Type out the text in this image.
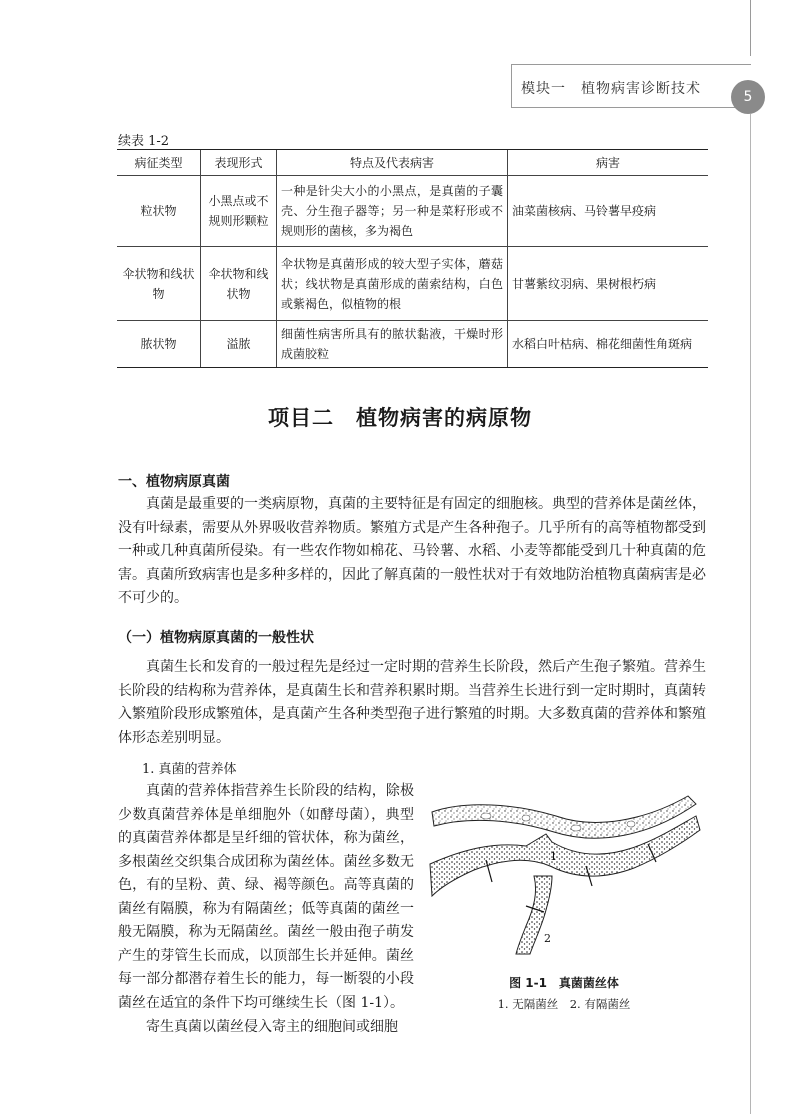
模块一　植物病害诊断技术	5
续表 1-2
病征类型	表现形式	特点及代表病害	病害
粒状物	小黑点或不规则形颗粒	一种是针尖大小的小黑点，是真菌的子囊壳、分生孢子器等；另一种是菜籽形或不规则形的菌核，多为褐色	油菜菌核病、马铃薯早疫病
伞状物和线状物	伞状物和线状物	伞状物是真菌形成的较大型子实体，蘑菇状；线状物是真菌形成的菌索结构，白色或紫褐色，似植物的根	甘薯紫纹羽病、果树根朽病
脓状物	溢脓	细菌性病害所具有的脓状黏液，干燥时形成菌胶粒	水稻白叶枯病、棉花细菌性角斑病
项目二　植物病害的病原物
一、植物病原真菌

真菌是最重要的一类病原物，真菌的主要特征是有固定的细胞核。典型的营养体是菌丝体，没有叶绿素，需要从外界吸收营养物质。繁殖方式是产生各种孢子。几乎所有的高等植物都受到一种或几种真菌所侵染。有一些农作物如棉花、马铃薯、水稻、小麦等都能受到几十种真菌的危害。真菌所致病害也是多种多样的，因此了解真菌的一般性状对于有效地防治植物真菌病害是必不可少的。

（一）植物病原真菌的一般性状

真菌生长和发育的一般过程先是经过一定时期的营养生长阶段，然后产生孢子繁殖。营养生长阶段的结构称为营养体，是真菌生长和营养积累时期。当营养生长进行到一定时期时，真菌转入繁殖阶段形成繁殖体，是真菌产生各种类型孢子进行繁殖的时期。大多数真菌的营养体和繁殖体形态差别明显。

1. 真菌的营养体

真菌的营养体指营养生长阶段的结构，除极少数真菌营养体是单细胞外（如酵母菌），典型的真菌营养体都是呈纤细的管状体，称为菌丝，多根菌丝交织集合成团称为菌丝体。菌丝多数无色，有的呈粉、黄、绿、褐等颜色。高等真菌的菌丝有隔膜，称为有隔菌丝；低等真菌的菌丝一般无隔膜，称为无隔菌丝。菌丝一般由孢子萌发产生的芽管生长而成，以顶部生长并延伸。菌丝每一部分都潜存着生长的能力，每一断裂的小段菌丝在适宜的条件下均可继续生长（图 1-1）。

寄生真菌以菌丝侵入寄主的细胞间或细胞

1
2
图 1-1　真菌菌丝体
1. 无隔菌丝　2. 有隔菌丝
